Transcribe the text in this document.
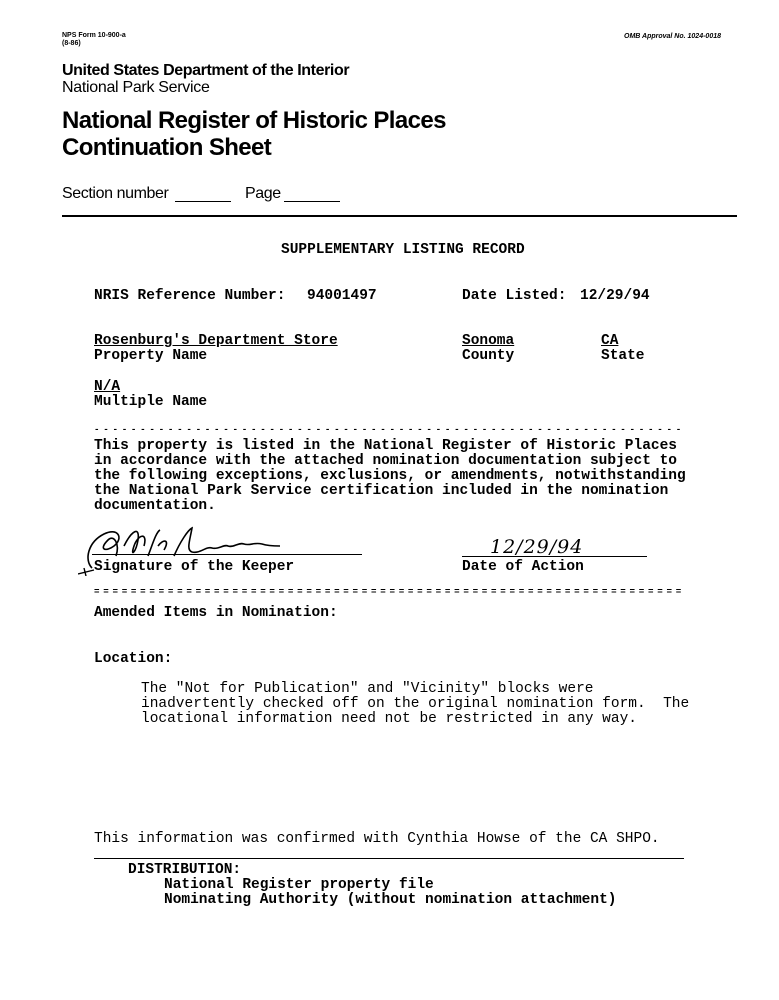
NPS Form 10-900-a
(8-86)
OMB Approval No. 1024-0018
United States Department of the Interior
National Park Service
National Register of Historic Places
Continuation Sheet
Section number	Page
SUPPLEMENTARY LISTING RECORD
NRIS Reference Number: 94001497	Date Listed: 12/29/94
Rosenburg's Department Store
Property Name
Sonoma
County
CA
State
N/A
Multiple Name
----------------------------------------------------------------
This property is listed in the National Register of Historic Places
in accordance with the attached nomination documentation subject to
the following exceptions, exclusions, or amendments, notwithstanding
the National Park Service certification included in the nomination
documentation.
Signature of the Keeper
12/29/94
Date of Action
================================================================
Amended Items in Nomination:
Location:
The "Not for Publication" and "Vicinity" blocks were
inadvertently checked off on the original nomination form.  The
locational information need not be restricted in any way.
This information was confirmed with Cynthia Howse of the CA SHPO.
DISTRIBUTION:
National Register property file
Nominating Authority (without nomination attachment)
